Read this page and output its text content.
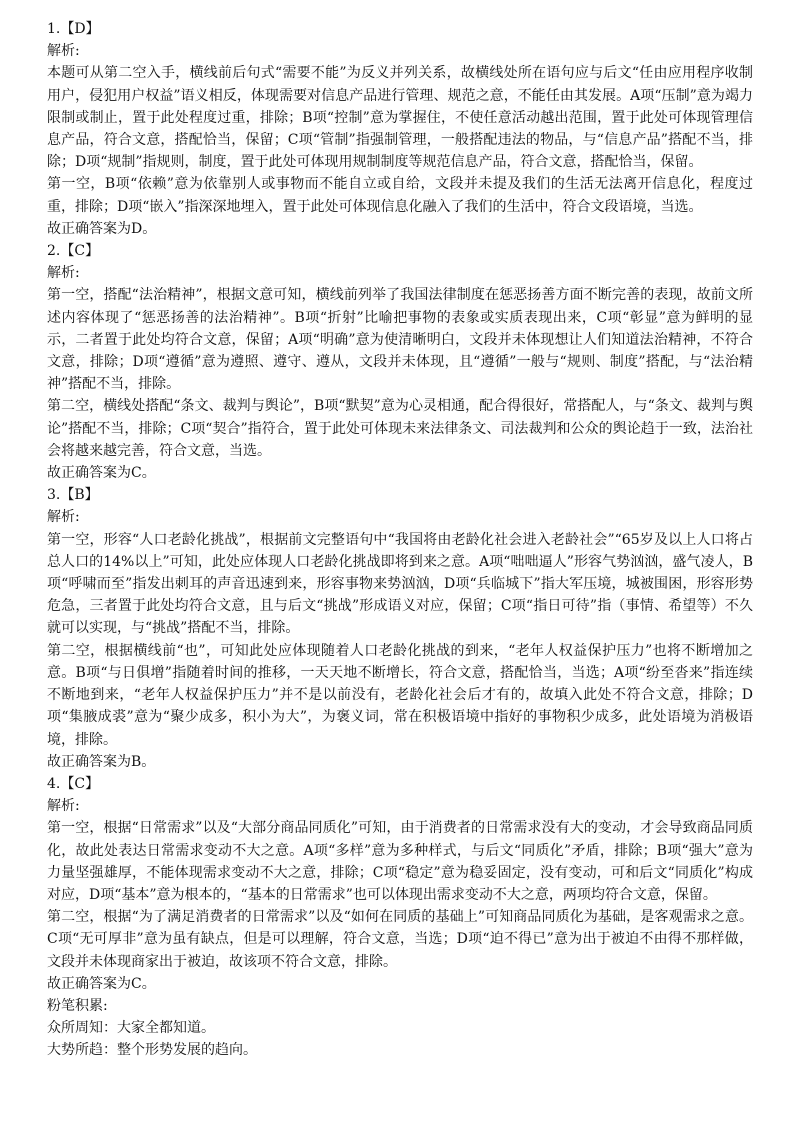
1.【D】
解析:
本题可从第二空入手，横线前后句式“需要不能”为反义并列关系，故横线处所在语句应与后文“任由应用程序收制用户，侵犯用户权益”语义相反，体现需要对信息产品进行管理、规范之意，不能任由其发展。A项“压制”意为竭力限制或制止，置于此处程度过重，排除；B项“控制”意为掌握住，不使任意活动越出范围，置于此处可体现管理信息产品，符合文意，搭配恰当，保留；C项“管制”指强制管理，一般搭配违法的物品，与“信息产品”搭配不当，排除；D项“规制”指规则，制度，置于此处可体现用规制制度等规范信息产品，符合文意，搭配恰当，保留。
第一空，B项“依赖”意为依靠别人或事物而不能自立或自给，文段并未提及我们的生活无法离开信息化，程度过重，排除；D项“嵌入”指深深地埋入，置于此处可体现信息化融入了我们的生活中，符合文段语境，当选。
故正确答案为D。
2.【C】
解析:
第一空，搭配“法治精神”，根据文意可知，横线前列举了我国法律制度在惩恶扬善方面不断完善的表现，故前文所述内容体现了“惩恶扬善的法治精神”。B项“折射”比喻把事物的表象或实质表现出来，C项“彰显”意为鲜明的显示，二者置于此处均符合文意，保留；A项“明确”意为使清晰明白，文段并未体现想让人们知道法治精神，不符合文意，排除；D项“遵循”意为遵照、遵守、遵从，文段并未体现，且“遵循”一般与“规则、制度”搭配，与“法治精神”搭配不当，排除。
第二空，横线处搭配“条文、裁判与舆论”，B项“默契”意为心灵相通，配合得很好，常搭配人，与“条文、裁判与舆论”搭配不当，排除；C项“契合”指符合，置于此处可体现未来法律条文、司法裁判和公众的舆论趋于一致，法治社会将越来越完善，符合文意，当选。
故正确答案为C。
3.【B】
解析:
第一空，形容“人口老龄化挑战”，根据前文完整语句中“我国将由老龄化社会进入老龄社会”“65岁及以上人口将占总人口的14%以上”可知，此处应体现人口老龄化挑战即将到来之意。A项“咄咄逼人”形容气势汹汹，盛气凌人，B项“呼啸而至”指发出刺耳的声音迅速到来，形容事物来势汹汹，D项“兵临城下”指大军压境，城被围困，形容形势危急，三者置于此处均符合文意，且与后文“挑战”形成语义对应，保留；C项“指日可待”指（事情、希望等）不久就可以实现，与“挑战”搭配不当，排除。
第二空，根据横线前“也”，可知此处应体现随着人口老龄化挑战的到来，“老年人权益保护压力”也将不断增加之意。B项“与日俱增”指随着时间的推移，一天天地不断增长，符合文意，搭配恰当，当选；A项“纷至沓来”指连续不断地到来，“老年人权益保护压力”并不是以前没有，老龄化社会后才有的，故填入此处不符合文意，排除；D项“集腋成裘”意为“聚少成多，积小为大”，为褒义词，常在积极语境中指好的事物积少成多，此处语境为消极语境，排除。
故正确答案为B。
4.【C】
解析:
第一空，根据“日常需求”以及“大部分商品同质化”可知，由于消费者的日常需求没有大的变动，才会导致商品同质化，故此处表达日常需求变动不大之意。A项“多样”意为多种样式，与后文“同质化”矛盾，排除；B项“强大”意为力量坚强雄厚，不能体现需求变动不大之意，排除；C项“稳定”意为稳妥固定，没有变动，可和后文“同质化”构成对应，D项“基本”意为根本的，“基本的日常需求”也可以体现出需求变动不大之意，两项均符合文意，保留。
第二空，根据“为了满足消费者的日常需求”以及“如何在同质的基础上”可知商品同质化为基础，是客观需求之意。C项“无可厚非”意为虽有缺点，但是可以理解，符合文意，当选；D项“迫不得已”意为出于被迫不由得不那样做，文段并未体现商家出于被迫，故该项不符合文意，排除。
故正确答案为C。
粉笔积累:
众所周知：大家全都知道。
大势所趋：整个形势发展的趋向。
